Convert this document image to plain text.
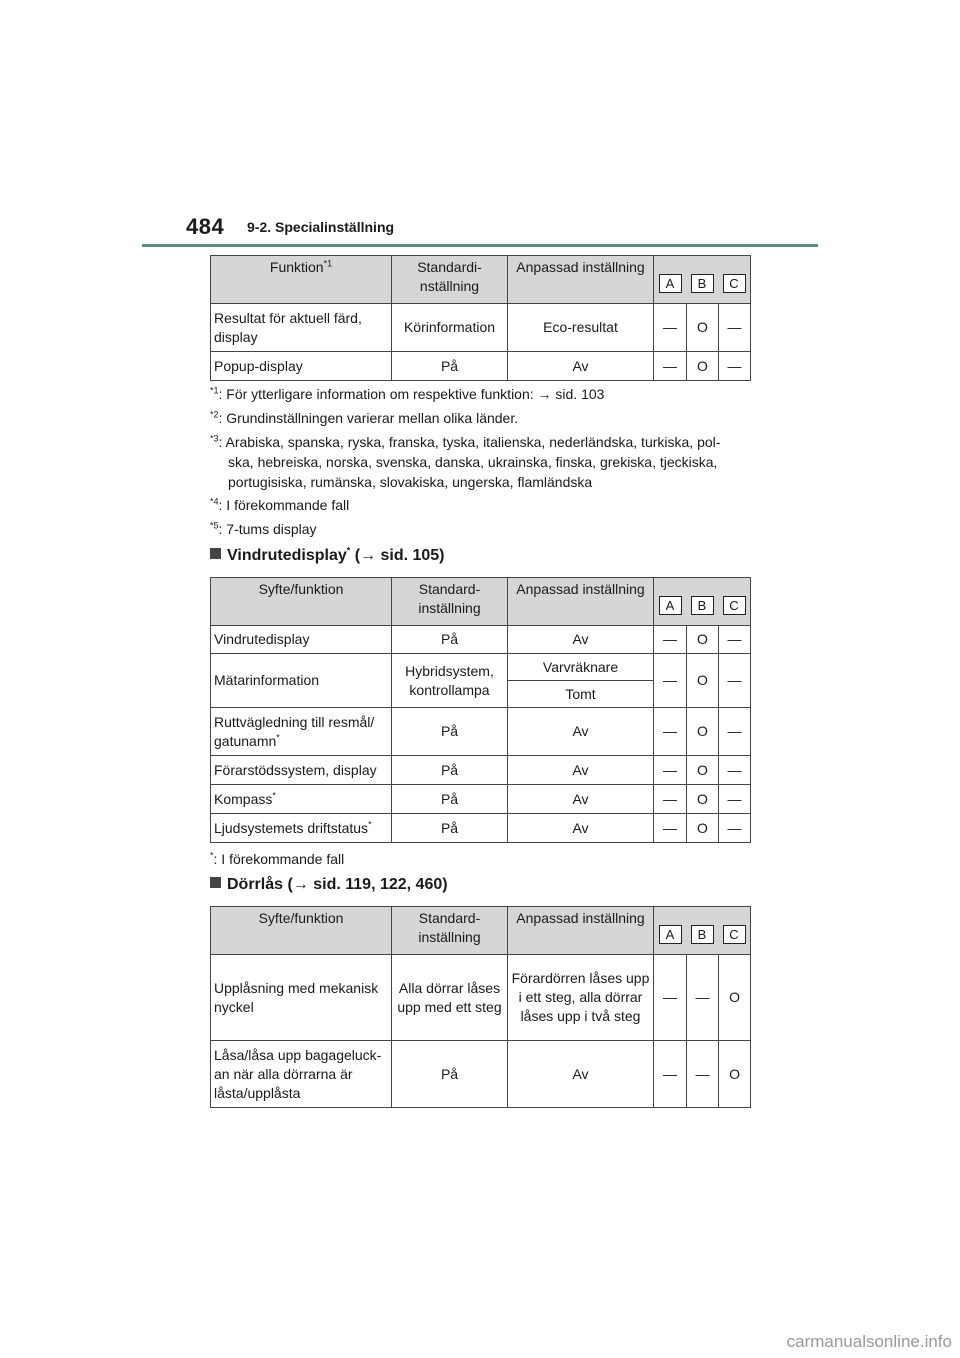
484 9-2. Specialinställning
Funktion$^{*1}$	Standardi-nställning	Anpassad inställning	A B C		

Resultat för aktuell färd, display	Körinformation	Eco-resultat	—	O	—
Popup-display	På	Av	—	O	—
$^{*1}$: För ytterligare information om respektive funktion: → sid. 103
$^{*2}$: Grundinställningen varierar mellan olika länder.
$^{*3}$: Arabiska, spanska, ryska, franska, tyska, italienska, nederländska, turkiska, pol-
ska, hebreiska, norska, svenska, danska, ukrainska, finska, grekiska, tjeckiska,
portugisiska, rumänska, slovakiska, ungerska, flamländska
$^{*4}$: I förekommande fall
$^{*5}$: 7-tums display
Vindrutedisplay* (→ sid. 105)
Syfte/funktion	Standard-inställning	Anpassad inställning	A B C		

Vindrutedisplay	På	Av	—	O	—
Mätarinformation	Hybridsystem, kontrollampa	Varvräknare	—	O	—
		Tomt			
Ruttvägledning till resmål/ gatunamn*	På	Av	—	O	—
Förarstödssystem, display	På	Av	—	O	—
Kompass*	På	Av	—	O	—
Ljudsystemets driftstatus*	På	Av	—	O	—
*: I förekommande fall
Dörrlås (→ sid. 119, 122, 460)
Syfte/funktion	Standard-inställning	Anpassad inställning	A B C		

Upplåsning med mekanisk nyckel	Alla dörrar låses upp med ett steg	Förardörren låses upp i ett steg, alla dörrar låses upp i två steg	—	—	O
Låsa/låsa upp bagageluck-an när alla dörrarna är låsta/upplåsta	På	Av	—	—	O
carmanualsonline.info
